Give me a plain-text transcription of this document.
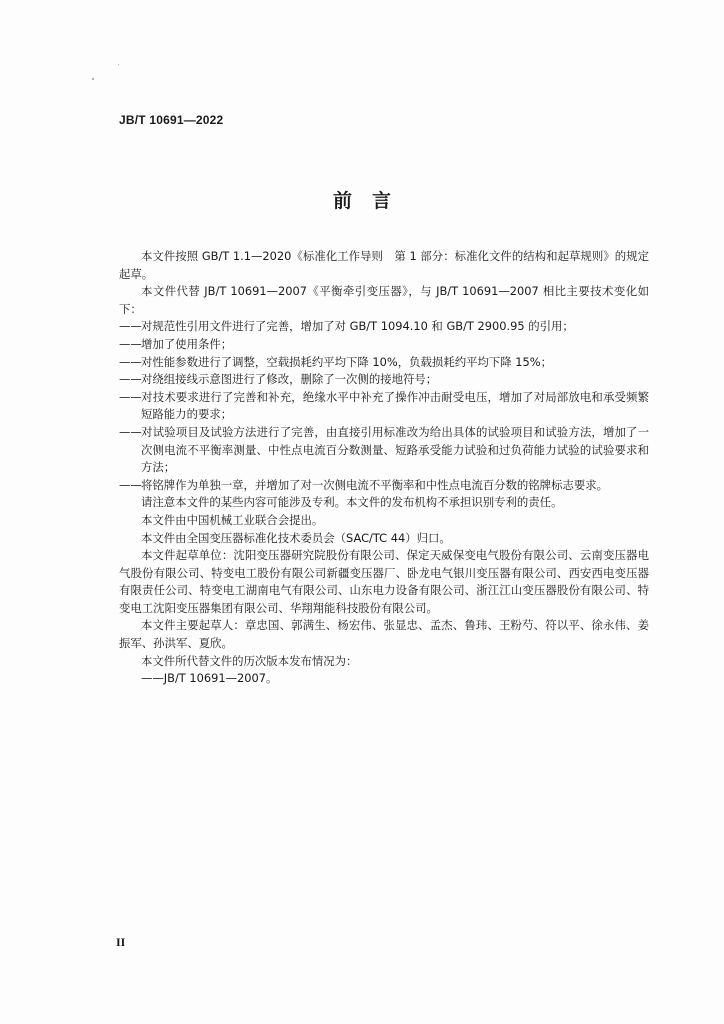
JB/T 10691—2022
前言

本文件按照 GB/T 1.1—2020《标准化工作导则　第 1 部分：标准化文件的结构和起草规则》的规定起草。

本文件代替 JB/T 10691—2007《平衡牵引变压器》，与 JB/T 10691—2007 相比主要技术变化如下：

——对规范性引用文件进行了完善，增加了对 GB/T 1094.10 和 GB/T 2900.95 的引用；

——增加了使用条件；

——对性能参数进行了调整，空载损耗约平均下降 10%，负载损耗约平均下降 15%；

——对绕组接线示意图进行了修改，删除了一次侧的接地符号；

——对技术要求进行了完善和补充，绝缘水平中补充了操作冲击耐受电压，增加了对局部放电和承受频繁短路能力的要求；

——对试验项目及试验方法进行了完善，由直接引用标准改为给出具体的试验项目和试验方法，增加了一次侧电流不平衡率测量、中性点电流百分数测量、短路承受能力试验和过负荷能力试验的试验要求和方法；

——将铭牌作为单独一章，并增加了对一次侧电流不平衡率和中性点电流百分数的铭牌标志要求。

请注意本文件的某些内容可能涉及专利。本文件的发布机构不承担识别专利的责任。

本文件由中国机械工业联合会提出。

本文件由全国变压器标准化技术委员会（SAC/TC 44）归口。

本文件起草单位：沈阳变压器研究院股份有限公司、保定天威保变电气股份有限公司、云南变压器电气股份有限公司、特变电工股份有限公司新疆变压器厂、卧龙电气银川变压器有限公司、西安西电变压器有限责任公司、特变电工湖南电气有限公司、山东电力设备有限公司、浙江江山变压器股份有限公司、特变电工沈阳变压器集团有限公司、华翔翔能科技股份有限公司。

本文件主要起草人：章忠国、郭满生、杨宏伟、张显忠、孟杰、鲁玮、王粉芍、符以平、徐永伟、姜振军、孙洪军、夏欣。

本文件所代替文件的历次版本发布情况为：

——JB/T 10691—2007。

II
